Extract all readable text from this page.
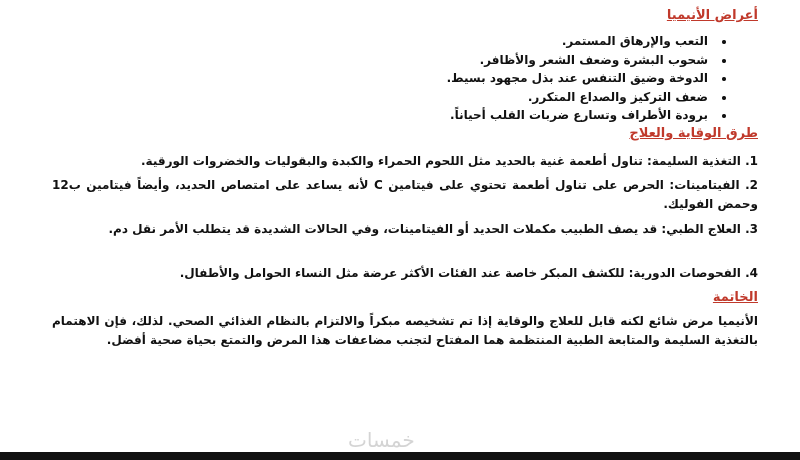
أعراض الأنيميا
• التعب والإرهاق المستمر.
• شحوب البشرة وضعف الشعر والأظافر.
• الدوخة وضيق التنفس عند بذل مجهود بسيط.
• ضعف التركيز والصداع المتكرر.
• برودة الأطراف وتسارع ضربات القلب أحياناً.
طرق الوقاية والعلاج
1. التغذية السليمة: تناول أطعمة غنية بالحديد مثل اللحوم الحمراء والكبدة والبقوليات والخضروات الورقية.
2. الفيتامينات: الحرص على تناول أطعمة تحتوي على فيتامين C لأنه يساعد على امتصاص الحديد، وأيضاً فيتامين ب12 وحمض الفوليك.
3. العلاج الطبي: قد يصف الطبيب مكملات الحديد أو الفيتامينات، وفي الحالات الشديدة قد يتطلب الأمر نقل دم.
4. الفحوصات الدورية: للكشف المبكر خاصة عند الفئات الأكثر عرضة مثل النساء الحوامل والأطفال.
الخاتمة
الأنيميا مرض شائع لكنه قابل للعلاج والوقاية إذا تم تشخيصه مبكراً والالتزام بالنظام الغذائي الصحي. لذلك، فإن الاهتمام بالتغذية السليمة والمتابعة الطبية المنتظمة هما المفتاح لتجنب مضاعفات هذا المرض والتمتع بحياة صحية أفضل.
خمسات
